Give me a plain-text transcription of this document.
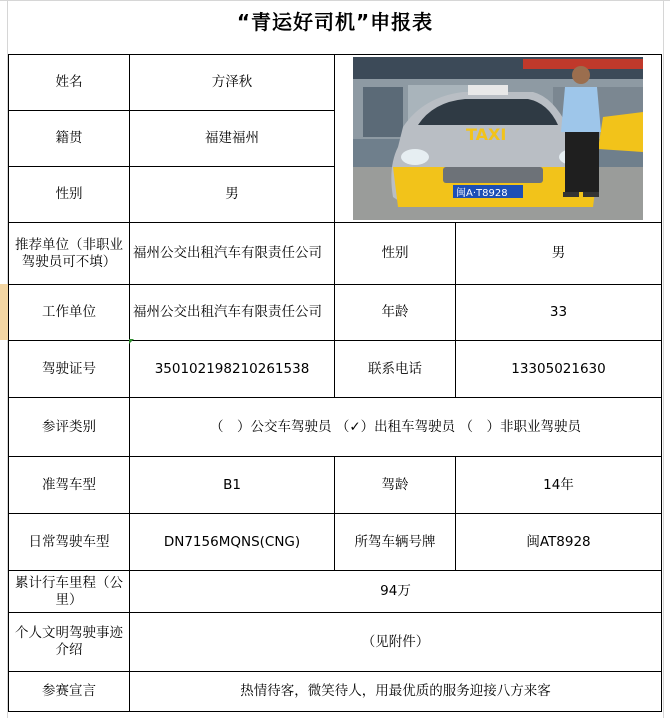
“青运好司机”申报表
姓名	方泽秋	TAXI
闽A·T8928	

籍贯	福建福州		
性别	男		
推荐单位（非职业驾驶员可不填）	福州公交出租汽车有限责任公司	性别	男
工作单位	福州公交出租汽车有限责任公司	年龄	33
驾驶证号	350102198210261538	联系电话	13305021630
参评类别	（　）公交车驾驶员 （✓）出租车驾驶员 （　）非职业驾驶员		
准驾车型	B1	驾龄	14年
日常驾驶车型	DN7156MQNS(CNG)	所驾车辆号牌	闽AT8928
累计行车里程（公里）	94万		
个人文明驾驶事迹介绍	（见附件）		
参赛宣言	热情待客，微笑待人，用最优质的服务迎接八方来客		
